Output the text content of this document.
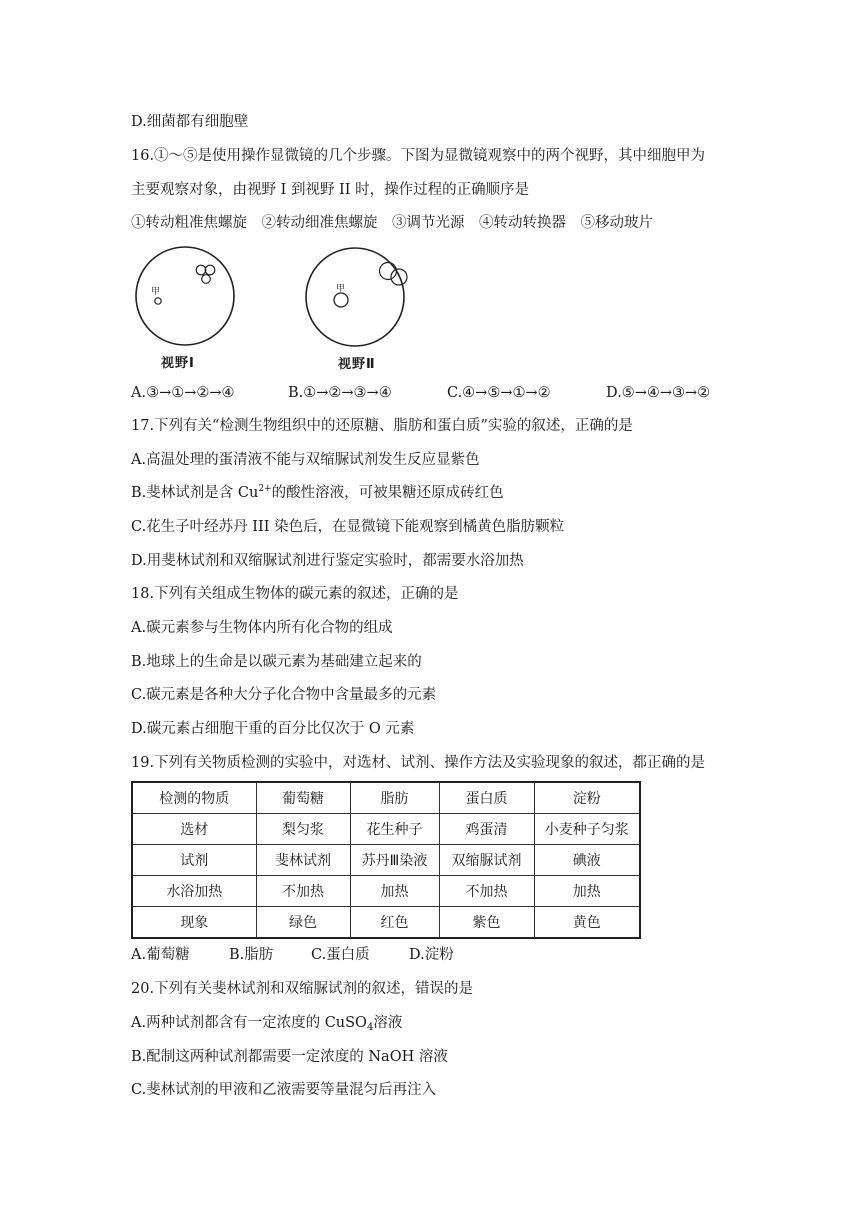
D.细菌都有细胞壁
16.①～⑤是使用操作显微镜的几个步骤。下图为显微镜观察中的两个视野，其中细胞甲为
主要观察对象，由视野 I 到视野 II 时，操作过程的正确顺序是
①转动粗准焦螺旋　②转动细准焦螺旋　③调节光源　④转动转换器　⑤移动玻片
甲	甲
视野Ⅰ	视野Ⅱ
A.③→①→②→④	B.①→②→③→④	C.④→⑤→①→②	D.⑤→④→③→②
17.下列有关“检测生物组织中的还原糖、脂肪和蛋白质”实验的叙述，正确的是
A.高温处理的蛋清液不能与双缩脲试剂发生反应显紫色
B.斐林试剂是含 $Cu^{2+}$的酸性溶液，可被果糖还原成砖红色
C.花生子叶经苏丹 III 染色后，在显微镜下能观察到橘黄色脂肪颗粒
D.用斐林试剂和双缩脲试剂进行鉴定实验时，都需要水浴加热
18.下列有关组成生物体的碳元素的叙述，正确的是
A.碳元素参与生物体内所有化合物的组成
B.地球上的生命是以碳元素为基础建立起来的
C.碳元素是各种大分子化合物中含量最多的元素
D.碳元素占细胞干重的百分比仅次于 O 元素
19.下列有关物质检测的实验中，对选材、试剂、操作方法及实验现象的叙述，都正确的是
检测的物质	葡萄糖	脂肪	蛋白质	淀粉
选材	梨匀浆	花生种子	鸡蛋清	小麦种子匀浆
试剂	斐林试剂	苏丹Ⅲ染液	双缩脲试剂	碘液
水浴加热	不加热	加热	不加热	加热
现象	绿色	红色	紫色	黄色
A.葡萄糖	B.脂肪	C.蛋白质	D.淀粉
20.下列有关斐林试剂和双缩脲试剂的叙述，错误的是
A.两种试剂都含有一定浓度的 CuSO$_4$溶液
B.配制这两种试剂都需要一定浓度的 NaOH 溶液
C.斐林试剂的甲液和乙液需要等量混匀后再注入
